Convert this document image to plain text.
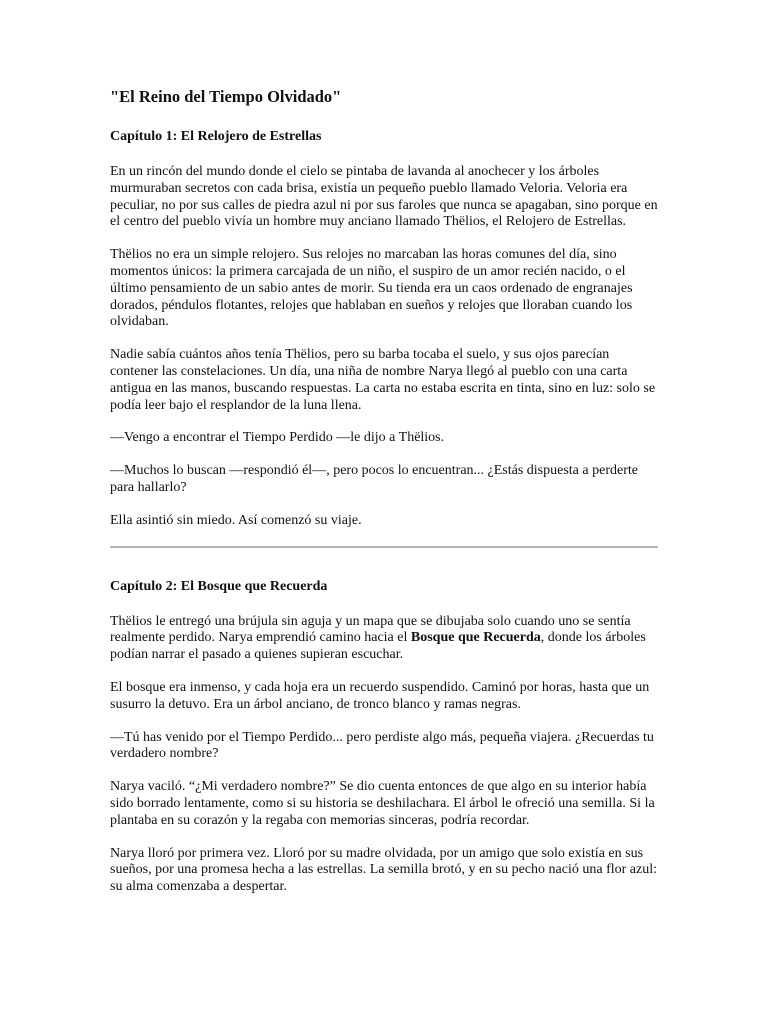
"El Reino del Tiempo Olvidado"
Capítulo 1: El Relojero de Estrellas

En un rincón del mundo donde el cielo se pintaba de lavanda al anochecer y los árboles murmuraban secretos con cada brisa, existía un pequeño pueblo llamado Veloria. Veloria era peculiar, no por sus calles de piedra azul ni por sus faroles que nunca se apagaban, sino porque en el centro del pueblo vivía un hombre muy anciano llamado Thëlios, el Relojero de Estrellas.

Thëlios no era un simple relojero. Sus relojes no marcaban las horas comunes del día, sino momentos únicos: la primera carcajada de un niño, el suspiro de un amor recién nacido, o el último pensamiento de un sabio antes de morir. Su tienda era un caos ordenado de engranajes dorados, péndulos flotantes, relojes que hablaban en sueños y relojes que lloraban cuando los olvidaban.

Nadie sabía cuántos años tenía Thëlios, pero su barba tocaba el suelo, y sus ojos parecían contener las constelaciones. Un día, una niña de nombre Narya llegó al pueblo con una carta antigua en las manos, buscando respuestas. La carta no estaba escrita en tinta, sino en luz: solo se podía leer bajo el resplandor de la luna llena.

—Vengo a encontrar el Tiempo Perdido —le dijo a Thëlios.

—Muchos lo buscan —respondió él—, pero pocos lo encuentran... ¿Estás dispuesta a perderte para hallarlo?

Ella asintió sin miedo. Así comenzó su viaje.

Capítulo 2: El Bosque que Recuerda

Thëlios le entregó una brújula sin aguja y un mapa que se dibujaba solo cuando uno se sentía realmente perdido. Narya emprendió camino hacia el Bosque que Recuerda, donde los árboles podían narrar el pasado a quienes supieran escuchar.

El bosque era inmenso, y cada hoja era un recuerdo suspendido. Caminó por horas, hasta que un susurro la detuvo. Era un árbol anciano, de tronco blanco y ramas negras.

—Tú has venido por el Tiempo Perdido... pero perdiste algo más, pequeña viajera. ¿Recuerdas tu verdadero nombre?

Narya vaciló. “¿Mi verdadero nombre?” Se dio cuenta entonces de que algo en su interior había sido borrado lentamente, como si su historia se deshilachara. El árbol le ofreció una semilla. Si la plantaba en su corazón y la regaba con memorias sinceras, podría recordar.

Narya lloró por primera vez. Lloró por su madre olvidada, por un amigo que solo existía en sus sueños, por una promesa hecha a las estrellas. La semilla brotó, y en su pecho nació una flor azul: su alma comenzaba a despertar.
